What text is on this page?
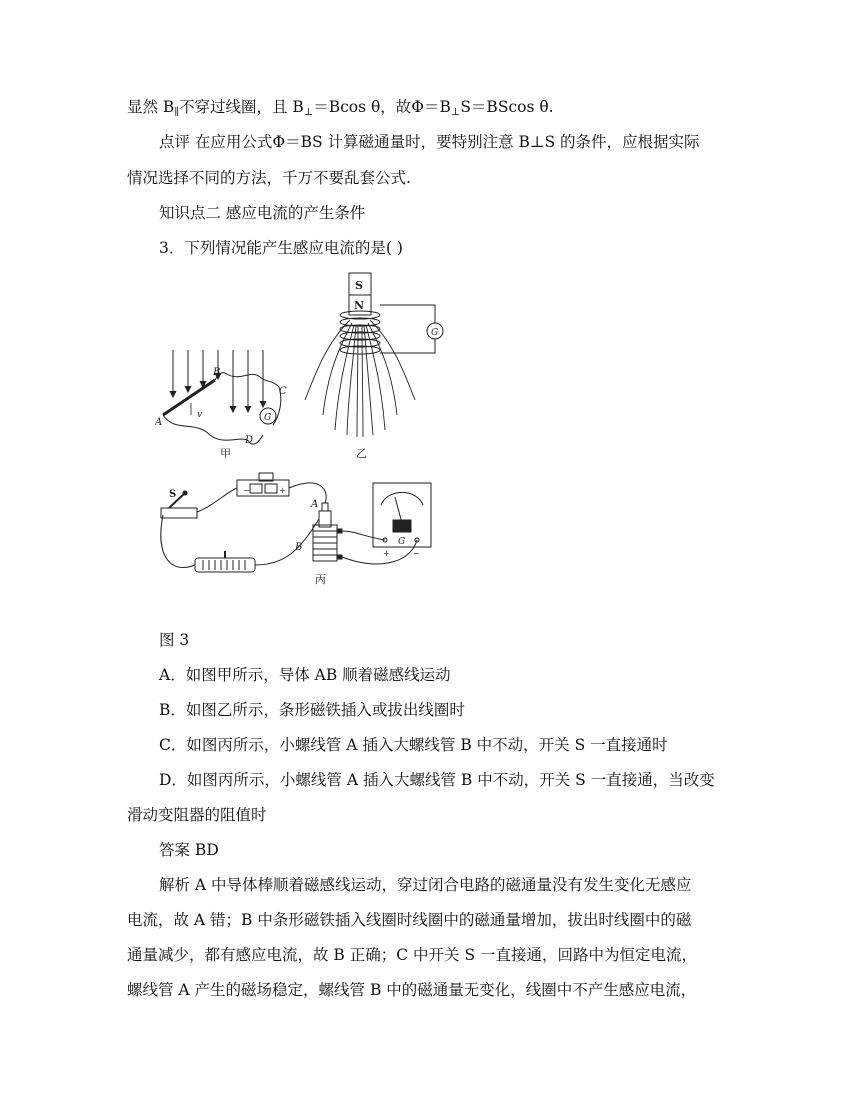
显然 $B_\parallel$不穿过线圈，且 $B_\perp=Bcos$ θ，故$\Phi=B_\perp S=BScos$ θ.
点评 在应用公式Φ＝BS 计算磁通量时，要特别注意 B⊥S 的条件，应根据实际
情况选择不同的方法，千万不要乱套公式.
知识点二 感应电流的产生条件
3．下列情况能产生感应电流的是( )
G
A
B
C
D
v
甲
S
N
G
乙
S	−	+
G
−
+
A
B
丙
图 3
A．如图甲所示，导体 AB 顺着磁感线运动
B．如图乙所示，条形磁铁插入或拔出线圈时
C．如图丙所示，小螺线管 A 插入大螺线管 B 中不动，开关 S 一直接通时
D．如图丙所示，小螺线管 A 插入大螺线管 B 中不动，开关 S 一直接通，当改变
滑动变阻器的阻值时
答案 BD
解析 A 中导体棒顺着磁感线运动，穿过闭合电路的磁通量没有发生变化无感应
电流，故 A 错；B 中条形磁铁插入线圈时线圈中的磁通量增加，拔出时线圈中的磁
通量减少，都有感应电流，故 B 正确；C 中开关 S 一直接通，回路中为恒定电流，
螺线管 A 产生的磁场稳定，螺线管 B 中的磁通量无变化，线圈中不产生感应电流，
